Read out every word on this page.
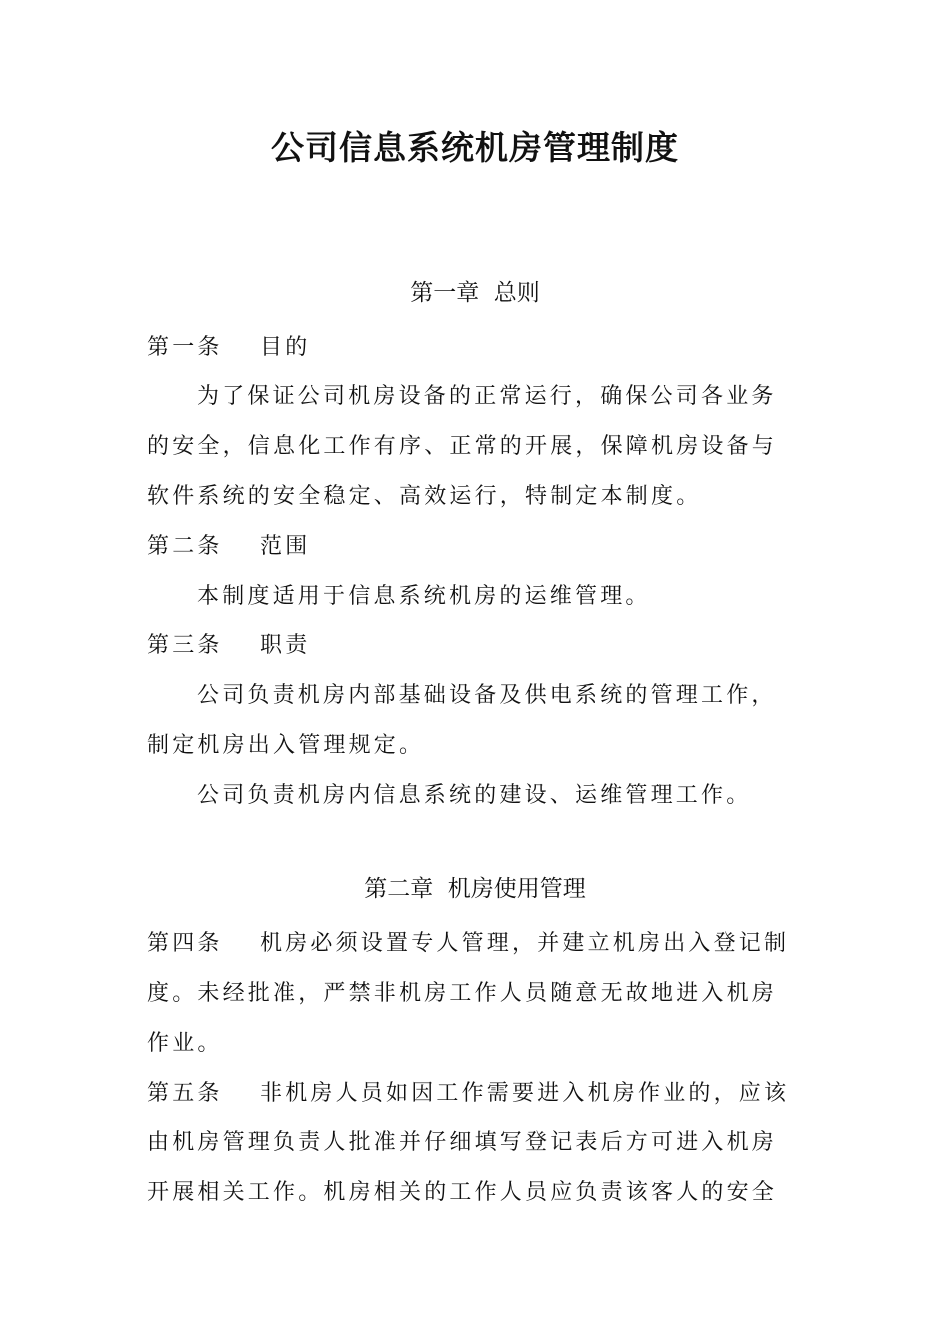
公司信息系统机房管理制度
第一章  总则
第一条 目的
为了保证公司机房设备的正常运行，确保公司各业务
的安全，信息化工作有序、正常的开展，保障机房设备与
软件系统的安全稳定、高效运行，特制定本制度。
第二条 范围
本制度适用于信息系统机房的运维管理。
第三条 职责
公司负责机房内部基础设备及供电系统的管理工作，
制定机房出入管理规定。
公司负责机房内信息系统的建设、运维管理工作。
第二章  机房使用管理
第四条 机房必须设置专人管理，并建立机房出入登记制
度。未经批准，严禁非机房工作人员随意无故地进入机房
作业。
第五条 非机房人员如因工作需要进入机房作业的，应该
由机房管理负责人批准并仔细填写登记表后方可进入机房
开展相关工作。机房相关的工作人员应负责该客人的安全
